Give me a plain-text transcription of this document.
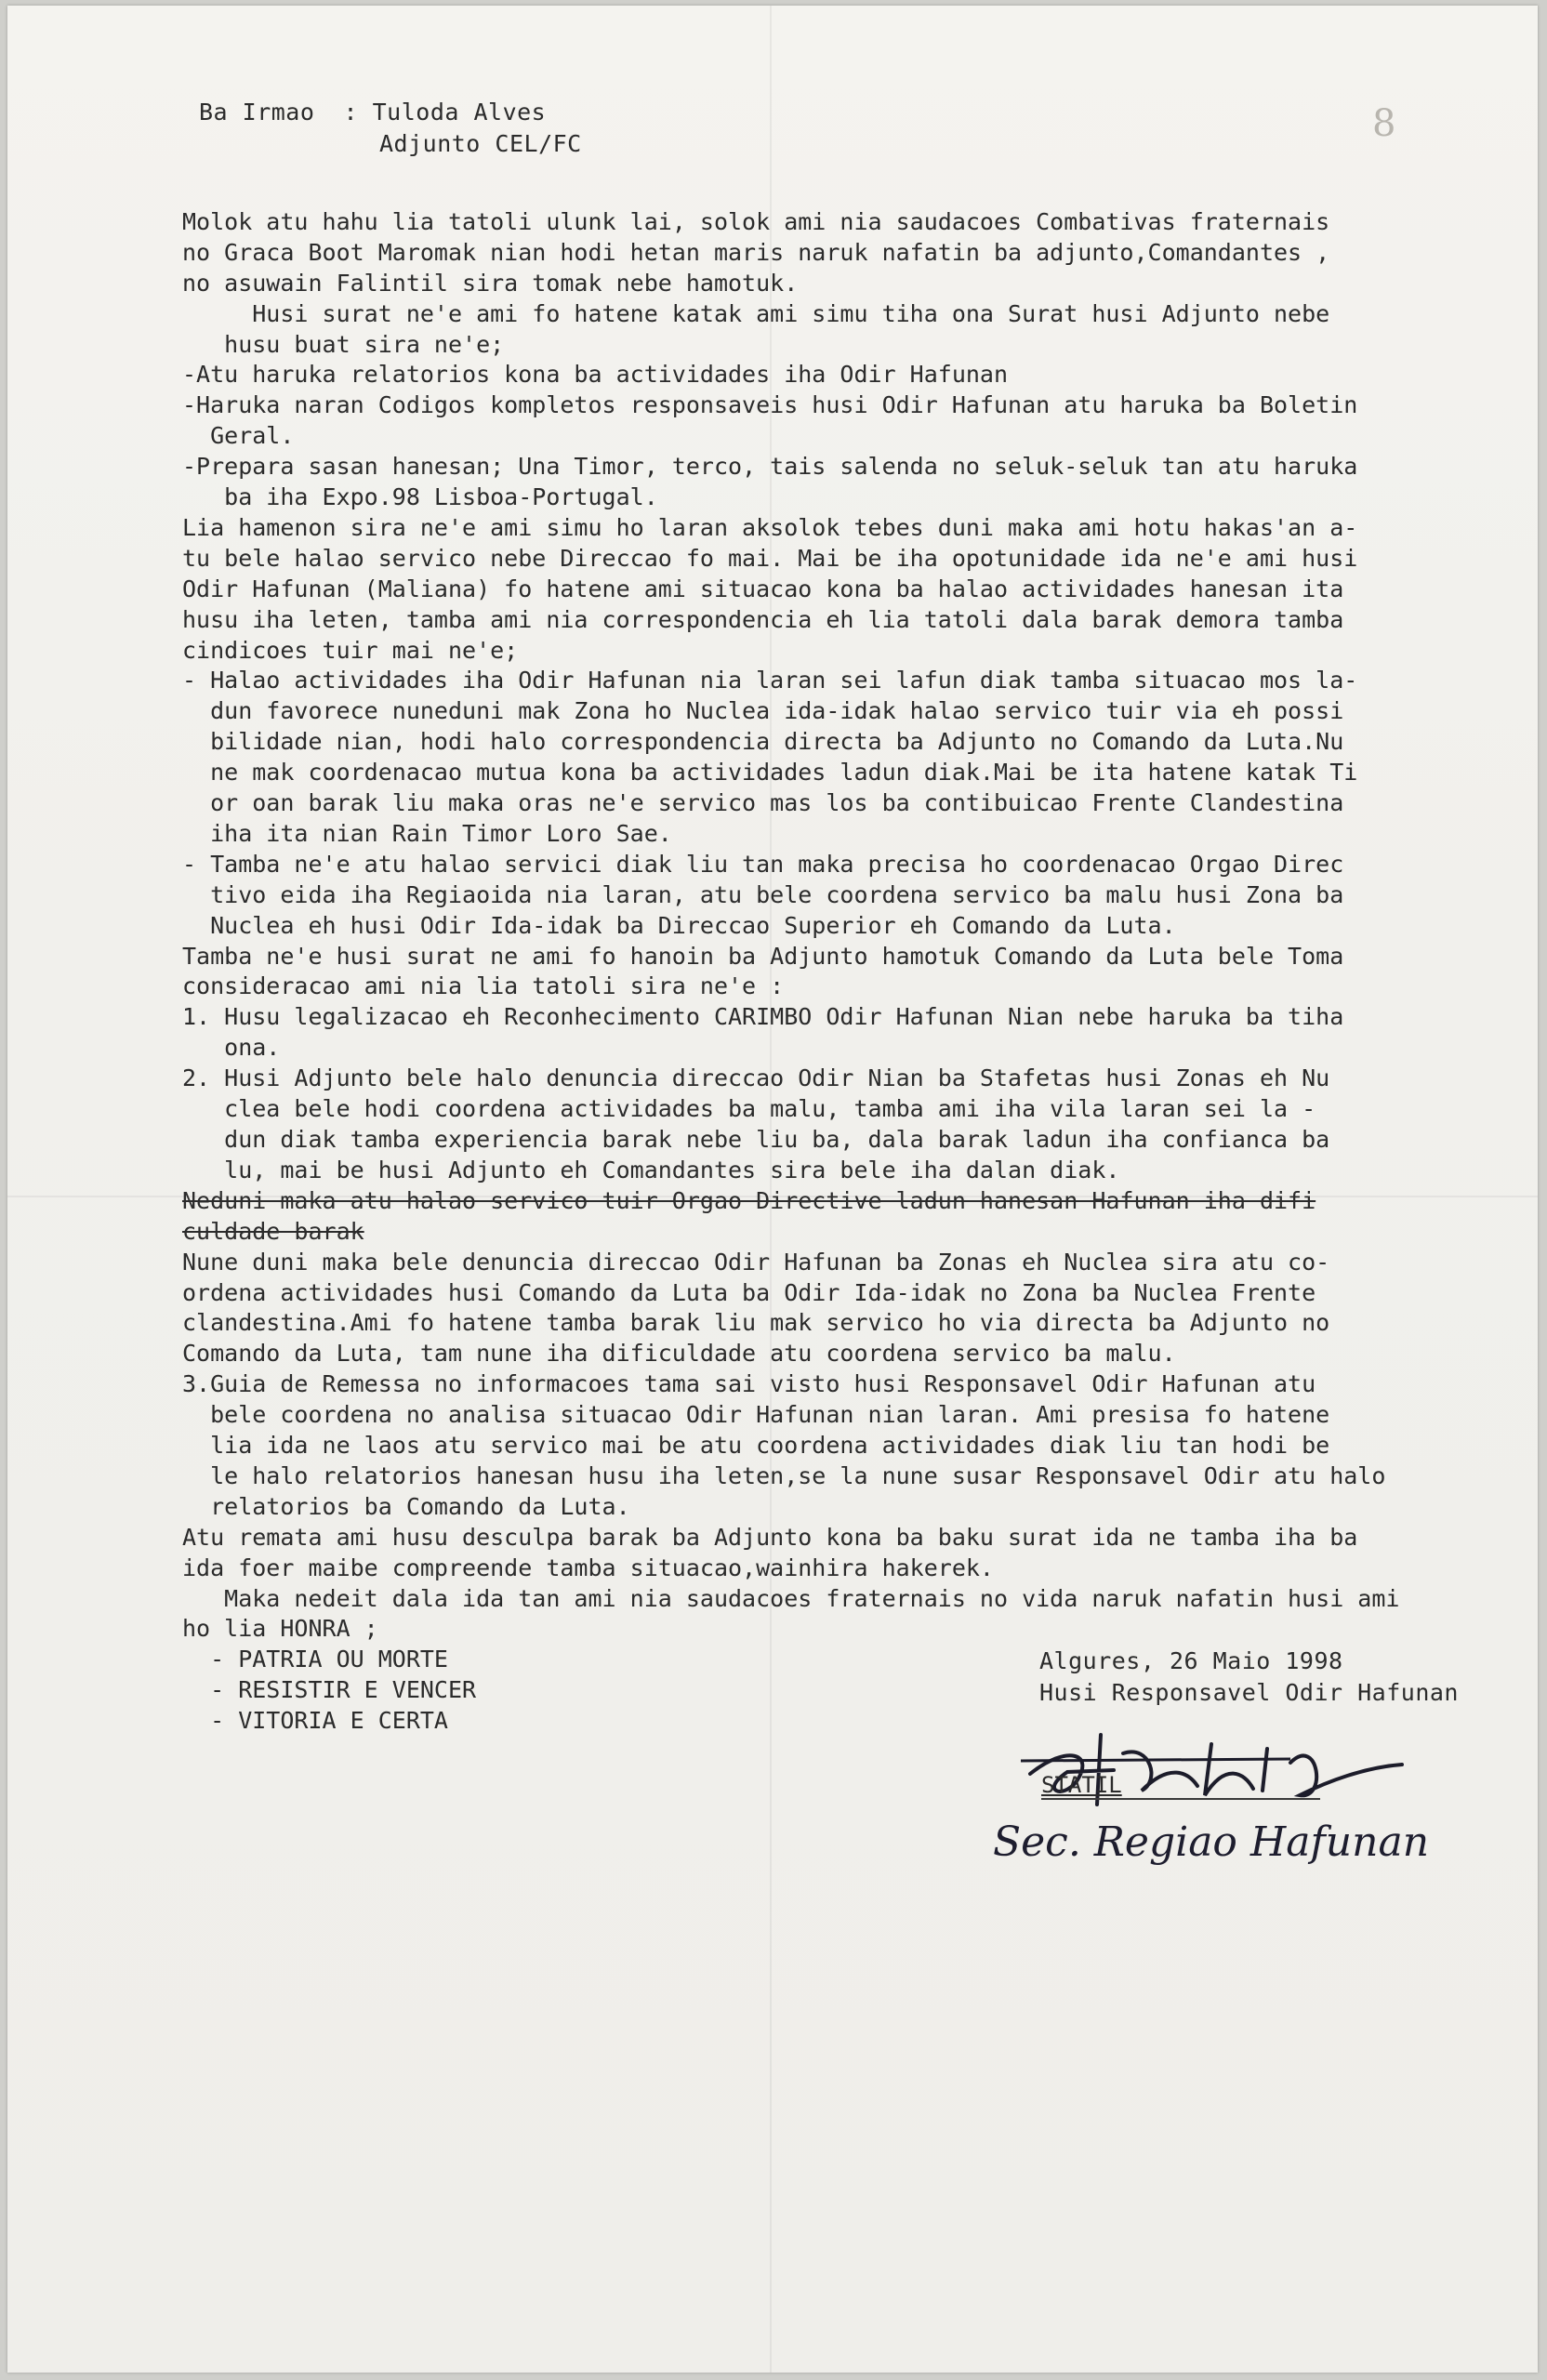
8
Ba Irmao  : Tuloda Alves
Adjunto CEL/FC
Molok atu hahu lia tatoli ulunk lai, solok ami nia saudacoes Combativas fraternais
no Graca Boot Maromak nian hodi hetan maris naruk nafatin ba adjunto,Comandantes ,
no asuwain Falintil sira tomak nebe hamotuk.
Husi surat ne'e ami fo hatene katak ami simu tiha ona Surat husi Adjunto nebe
husu buat sira ne'e;
-Atu haruka relatorios kona ba actividades iha Odir Hafunan
-Haruka naran Codigos kompletos responsaveis husi Odir Hafunan atu haruka ba Boletin
Geral.
-Prepara sasan hanesan; Una Timor, terco, tais salenda no seluk-seluk tan atu haruka
ba iha Expo.98 Lisboa-Portugal.
Lia hamenon sira ne'e ami simu ho laran aksolok tebes duni maka ami hotu hakas'an a-
tu bele halao servico nebe Direccao fo mai. Mai be iha opotunidade ida ne'e ami husi
Odir Hafunan (Maliana) fo hatene ami situacao kona ba halao actividades hanesan ita
husu iha leten, tamba ami nia correspondencia eh lia tatoli dala barak demora tamba
cindicoes tuir mai ne'e;
- Halao actividades iha Odir Hafunan nia laran sei lafun diak tamba situacao mos la-
dun favorece nuneduni mak Zona ho Nuclea ida-idak halao servico tuir via eh possi
bilidade nian, hodi halo correspondencia directa ba Adjunto no Comando da Luta.Nu
ne mak coordenacao mutua kona ba actividades ladun diak.Mai be ita hatene katak Ti
or oan barak liu maka oras ne'e servico mas los ba contibuicao Frente Clandestina
iha ita nian Rain Timor Loro Sae.
- Tamba ne'e atu halao servici diak liu tan maka precisa ho coordenacao Orgao Direc
tivo eida iha Regiaoida nia laran, atu bele coordena servico ba malu husi Zona ba
Nuclea eh husi Odir Ida-idak ba Direccao Superior eh Comando da Luta.
Tamba ne'e husi surat ne ami fo hanoin ba Adjunto hamotuk Comando da Luta bele Toma
consideracao ami nia lia tatoli sira ne'e :
1. Husu legalizacao eh Reconhecimento CARIMBO Odir Hafunan Nian nebe haruka ba tiha
ona.
2. Husi Adjunto bele halo denuncia direccao Odir Nian ba Stafetas husi Zonas eh Nu
clea bele hodi coordena actividades ba malu, tamba ami iha vila laran sei la -
dun diak tamba experiencia barak nebe liu ba, dala barak ladun iha confianca ba
lu, mai be husi Adjunto eh Comandantes sira bele iha dalan diak.
Neduni maka atu halao servico tuir Orgao Directive ladun hanesan Hafunan iha difi
culdade barak
Nune duni maka bele denuncia direccao Odir Hafunan ba Zonas eh Nuclea sira atu co-
ordena actividades husi Comando da Luta ba Odir Ida-idak no Zona ba Nuclea Frente
clandestina.Ami fo hatene tamba barak liu mak servico ho via directa ba Adjunto no
Comando da Luta, tam nune iha dificuldade atu coordena servico ba malu.
3.Guia de Remessa no informacoes tama sai visto husi Responsavel Odir Hafunan atu
bele coordena no analisa situacao Odir Hafunan nian laran. Ami presisa fo hatene
lia ida ne laos atu servico mai be atu coordena actividades diak liu tan hodi be
le halo relatorios hanesan husu iha leten,se la nune susar Responsavel Odir atu halo
relatorios ba Comando da Luta.
Atu remata ami husu desculpa barak ba Adjunto kona ba baku surat ida ne tamba iha ba
ida foer maibe compreende tamba situacao,wainhira hakerek.
Maka nedeit dala ida tan ami nia saudacoes fraternais no vida naruk nafatin husi ami
ho lia HONRA ;
- PATRIA OU MORTE
- RESISTIR E VENCER
- VITORIA E CERTA
Algures, 26 Maio 1998
Husi Responsavel Odir Hafunan
STATIL
Sec. Regiao Hafunan
